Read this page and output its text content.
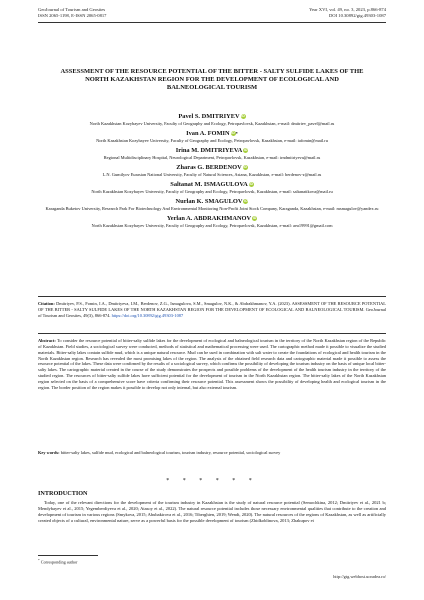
GeoJournal of Tourism and Geosites
ISSN 2065-1198, E-ISSN 2065-0817
Year XVI, vol. 49, no. 3, 2023, p.866-874
DOI 10.30892/gtg.49303-1087
ASSESSMENT OF THE RESOURCE POTENTIAL OF THE BITTER - SALTY SULFIDE LAKES OF THE NORTH KAZAKHSTAN REGION FOR THE DEVELOPMENT OF ECOLOGICAL AND BALNEOLOGICAL TOURISM
Pavel S. DMITRIYEV iD
North Kazakhstan Kozybayev University, Faculty of Geography and Ecology, Petropavlovsk, Kazakhstan, e-mail: dmitriev_pavel@mail.ru
Ivan A. FOMIN iD*
North Kazakhstan Kozybayev University, Faculty of Geography and Ecology, Petropavlovsk, Kazakhstan, e-mail: iafomin@mail.ru
Irina M. DMITRIYEVA iD
Regional Multidisciplinary Hospital, Neurological Department, Petropavlovsk, Kazakhstan, e-mail: irndmitriyeva@mail.ru
Zharas G. BERDENOV iD
L.N. Gumilyov Eurasian National University, Faculty of Natural Sciences, Astana, Kazakhstan, e-mail: berdenov-z@mail.ru
Saltanat M. ISMAGULOVA iD
North Kazakhstan Kozybayev University, Faculty of Geography and Ecology, Petropavlovsk, Kazakhstan, e-mail: saltanatikova@mail.ru
Nurlan K. SMAGULOV iD
Karaganda Buketov University, Research Park For Biotechnology And Environmental Monitoring Non-Profit Joint Stock Company, Karaganda, Kazakhstan, e-mail: msmagulov@yandex.ru
Yerlan A. ABDRAKHMANOV iD
North Kazakhstan Kozybayev University, Faculty of Geography and Ecology, Petropavlovsk, Kazakhstan, e-mail: aea19991@gmail.com
Citation: Dmitriyev, P.S., Fomin, I.A., Dmitriyeva, I.M., Berdenov, Z.G., Ismagulova, S.M., Smagulov, N.K., & Abdrakhmanov, Y.A. (2023). ASSESSMENT OF THE RESOURCE POTENTIAL OF THE BITTER - SALTY SULFIDE LAKES OF THE NORTH KAZAKHSTAN REGION FOR THE DEVELOPMENT OF ECOLOGICAL AND BALNEOLOGICAL TOURISM. GeoJournal of Tourism and Geosites, 49(3), 866-874. https://doi.org/10.30892/gtg.49303-1087
Abstract: To consider the resource potential of bitter-salty sulfide lakes for the development of ecological and balneological tourism in the territory of the North Kazakhstan region of the Republic of Kazakhstan. Field studies, a sociological survey were conducted, methods of statistical and mathematical processing were used. The cartographic method made it possible to visualize the studied materials. Bitter-salty lakes contain sulfide mud, which is a unique natural resource. Mud can be used in combination with salt water to create the foundations of ecological and health tourism in the North Kazakhstan region. Research has revealed the most promising lakes of the region. The analysis of the obtained field research data and cartographic material made it possible to assess the resource potential of the lakes. These data were confirmed by the results of a sociological survey, which confirms the possibility of developing the tourism industry on the basis of unique local bitter-salty lakes. The cartographic material created in the course of the study demonstrates the prospects and possible problems of the development of the health tourism industry in the territory of the studied region. The resources of bitter-salty sulfide lakes have sufficient potential for the development of tourism in the North Kazakhstan region. The bitter-salty lakes of the North Kazakhstan region selected on the basis of a comprehensive score have criteria confirming their resource potential. This assessment shows the possibility of developing health and ecological tourism in the region. The border position of the region makes it possible to develop not only internal, but also external tourism.
Key words: bitter-salty lakes, sulfide mud, ecological and balneological tourism, tourism industry, resource potential, sociological survey
* * * * * *
INTRODUCTION
Today, one of the relevant directions for the development of the tourism industry in Kazakhstan is the study of natural resource potential (Semochkina, 2012; Dmitriyev et al., 2021 b; Mendybayev et al., 2015; Yegemberdiyeva et al., 2020; Atasoy et al., 2022). The natural resource potential includes those necessary environmental qualities that contribute to the creation and development of tourism in various regions (Smykova, 2015; Abubakirova et al., 2016; Tiberghien, 2019; Wendt, 2020). The natural resources of the regions of Kazakhstan, as well as artificially created objects of a cultural, environmental nature, serve as a powerful basis for the possible development of tourism (Zhidkoblinova, 2013; Zhakupov et
* Corresponding author
http://gtg.webhost.uoradea.ro/
